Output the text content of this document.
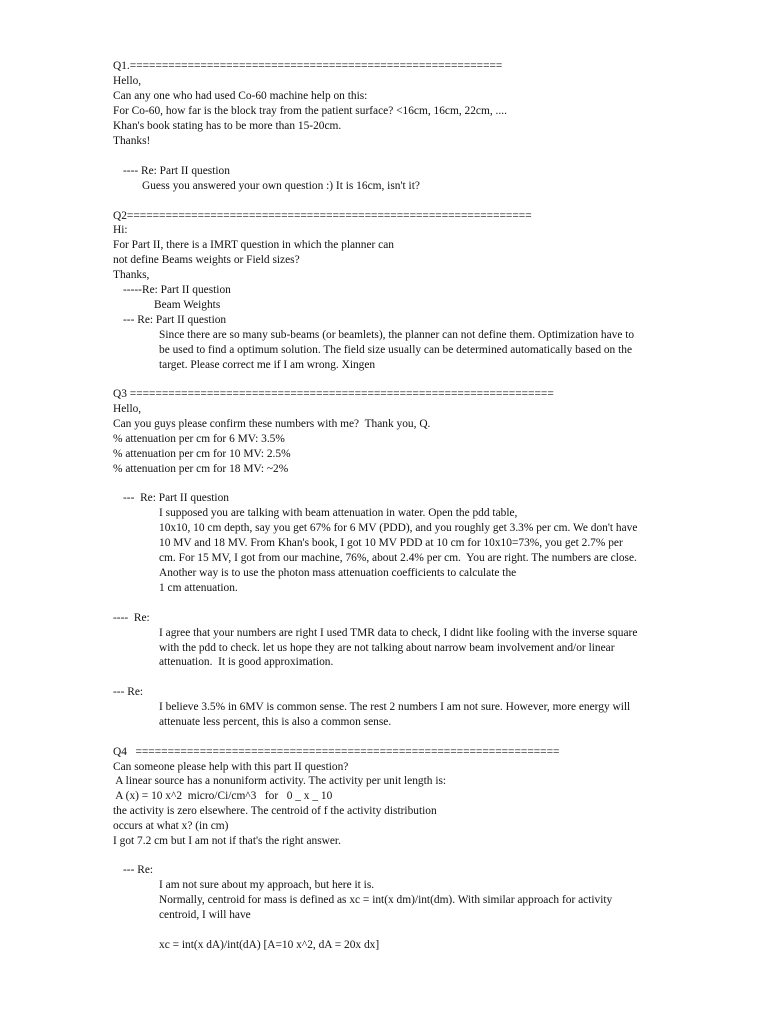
Q1.==========================================================

Hello,

Can any one who had used Co-60 machine help on this:

For Co-60, how far is the block tray from the patient surface? <16cm, 16cm, 22cm, ....

Khan's book stating has to be more than 15-20cm.

Thanks!

---- Re: Part II question

Guess you answered your own question :) It is 16cm, isn't it?

Q2===============================================================

Hi:

For Part II, there is a IMRT question in which the planner can

not define Beams weights or Field sizes?

Thanks,

-----Re: Part II question

Beam Weights

--- Re: Part II question

Since there are so many sub-beams (or beamlets), the planner can not define them. Optimization have to

be used to find a optimum solution. The field size usually can be determined automatically based on the

target. Please correct me if I am wrong. Xingen

Q3 ==================================================================

Hello,

Can you guys please confirm these numbers with me?  Thank you, Q.

% attenuation per cm for 6 MV: 3.5%

% attenuation per cm for 10 MV: 2.5%

% attenuation per cm for 18 MV: ~2%

---  Re: Part II question

I supposed you are talking with beam attenuation in water. Open the pdd table,

10x10, 10 cm depth, say you get 67% for 6 MV (PDD), and you roughly get 3.3% per cm. We don't have

10 MV and 18 MV. From Khan's book, I got 10 MV PDD at 10 cm for 10x10=73%, you get 2.7% per

cm. For 15 MV, I got from our machine, 76%, about 2.4% per cm.  You are right. The numbers are close.

Another way is to use the photon mass attenuation coefficients to calculate the

1 cm attenuation.

----  Re:

I agree that your numbers are right I used TMR data to check, I didnt like fooling with the inverse square

with the pdd to check. let us hope they are not talking about narrow beam involvement and/or linear

attenuation.  It is good approximation.

--- Re:

I believe 3.5% in 6MV is common sense. The rest 2 numbers I am not sure. However, more energy will

attenuate less percent, this is also a common sense.

Q4   ==================================================================

Can someone please help with this part II question?

A linear source has a nonuniform activity. The activity per unit length is:

A (x) = 10 x^2  micro/Ci/cm^3   for   0 _ x _ 10

the activity is zero elsewhere. The centroid of f the activity distribution

occurs at what x? (in cm)

I got 7.2 cm but I am not if that's the right answer.

--- Re:

I am not sure about my approach, but here it is.

Normally, centroid for mass is defined as xc = int(x dm)/int(dm). With similar approach for activity

centroid, I will have

xc = int(x dA)/int(dA) [A=10 x^2, dA = 20x dx]
